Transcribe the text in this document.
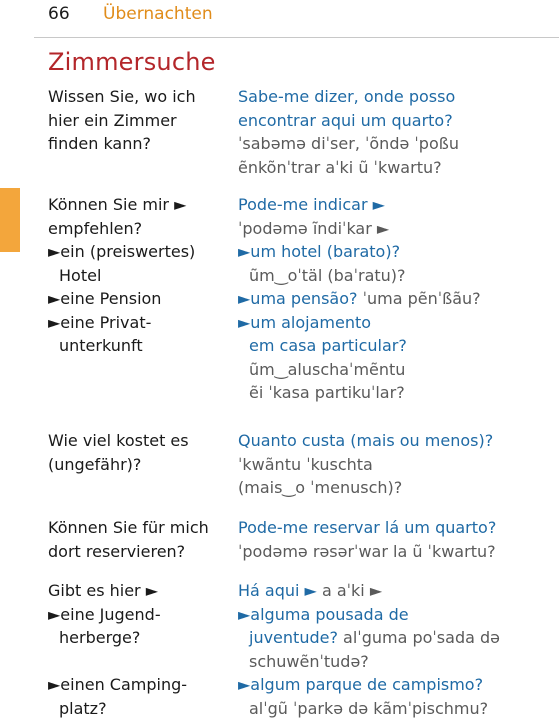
66 Übernachten
Zimmersuche
Wissen Sie, wo ich
hier ein Zimmer
finden kann?
Sabe-me dizer, onde posso
encontrar aqui um quarto?
ˈsabəmə diˈser, ˈõndə ˈpoßu
ẽnkõnˈtrar aˈki ũ ˈkwartu?
Können Sie mir ►
empfehlen?
►ein (preiswertes)
Hotel
►eine Pension
►eine Privat-
unterkunft
Pode-me indicar ►
ˈpodəmə ĩndiˈkar ►
►um hotel (barato)?
ũm‿oˈtäl (baˈratu)?
►uma pensão? ˈuma pẽnˈßãu?
►um alojamento
em casa particular?
ũm‿aluschaˈmẽntu
ẽi ˈkasa partikuˈlar?
Wie viel kostet es
(ungefähr)?
Quanto custa (mais ou menos)?
ˈkwãntu ˈkuschta
(mais‿o ˈmenusch)?
Können Sie für mich
dort reservieren?
Pode-me reservar lá um quarto?
ˈpodəmə rəsərˈwar la ũ ˈkwartu?
Gibt es hier ►
►eine Jugend-
herberge?

►einen Camping-
platz?
Há aqui ► a aˈki ►
►alguma pousada de
juventude? alˈguma poˈsada də
schuwẽnˈtudə?
►algum parque de campismo?
alˈgũ ˈparkə də kãmˈpischmu?
